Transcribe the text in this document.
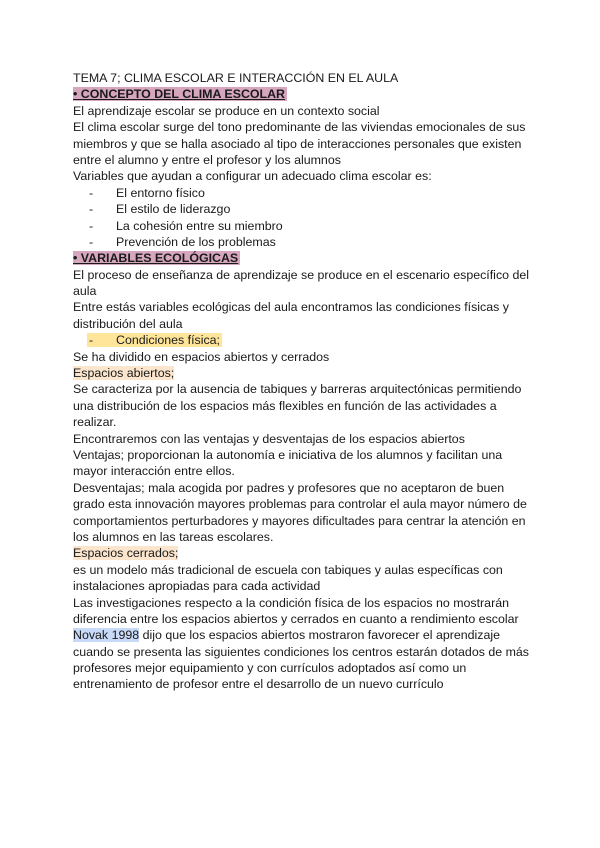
TEMA 7; CLIMA ESCOLAR E INTERACCIÓN EN EL AULA
• CONCEPTO DEL CLIMA ESCOLAR
El aprendizaje escolar se produce en un contexto social
El clima escolar surge del tono predominante de las viviendas emocionales de sus
miembros y que se halla asociado al tipo de interacciones personales que existen
entre el alumno y entre el profesor y los alumnos
Variables que ayudan a configurar un adecuado clima escolar es:
- El entorno físico
- El estilo de liderazgo
- La cohesión entre su miembro
- Prevención de los problemas
• VARIABLES ECOLÓGICAS
El proceso de enseñanza de aprendizaje se produce en el escenario específico del
aula
Entre estás variables ecológicas del aula encontramos las condiciones físicas y
distribución del aula
- Condiciones física;
Se ha dividido en espacios abiertos y cerrados
Espacios abiertos;
Se caracteriza por la ausencia de tabiques y barreras arquitectónicas permitiendo
una distribución de los espacios más flexibles en función de las actividades a
realizar.
Encontraremos con las ventajas y desventajas de los espacios abiertos
Ventajas; proporcionan la autonomía e iniciativa de los alumnos y facilitan una
mayor interacción entre ellos.
Desventajas; mala acogida por padres y profesores que no aceptaron de buen
grado esta innovación mayores problemas para controlar el aula mayor número de
comportamientos perturbadores y mayores dificultades para centrar la atención en
los alumnos en las tareas escolares.
Espacios cerrados;
es un modelo más tradicional de escuela con tabiques y aulas específicas con
instalaciones apropiadas para cada actividad
Las investigaciones respecto a la condición física de los espacios no mostrarán
diferencia entre los espacios abiertos y cerrados en cuanto a rendimiento escolar
Novak 1998 dijo que los espacios abiertos mostraron favorecer el aprendizaje
cuando se presenta las siguientes condiciones los centros estarán dotados de más
profesores mejor equipamiento y con currículos adoptados así como un
entrenamiento de profesor entre el desarrollo de un nuevo currículo
